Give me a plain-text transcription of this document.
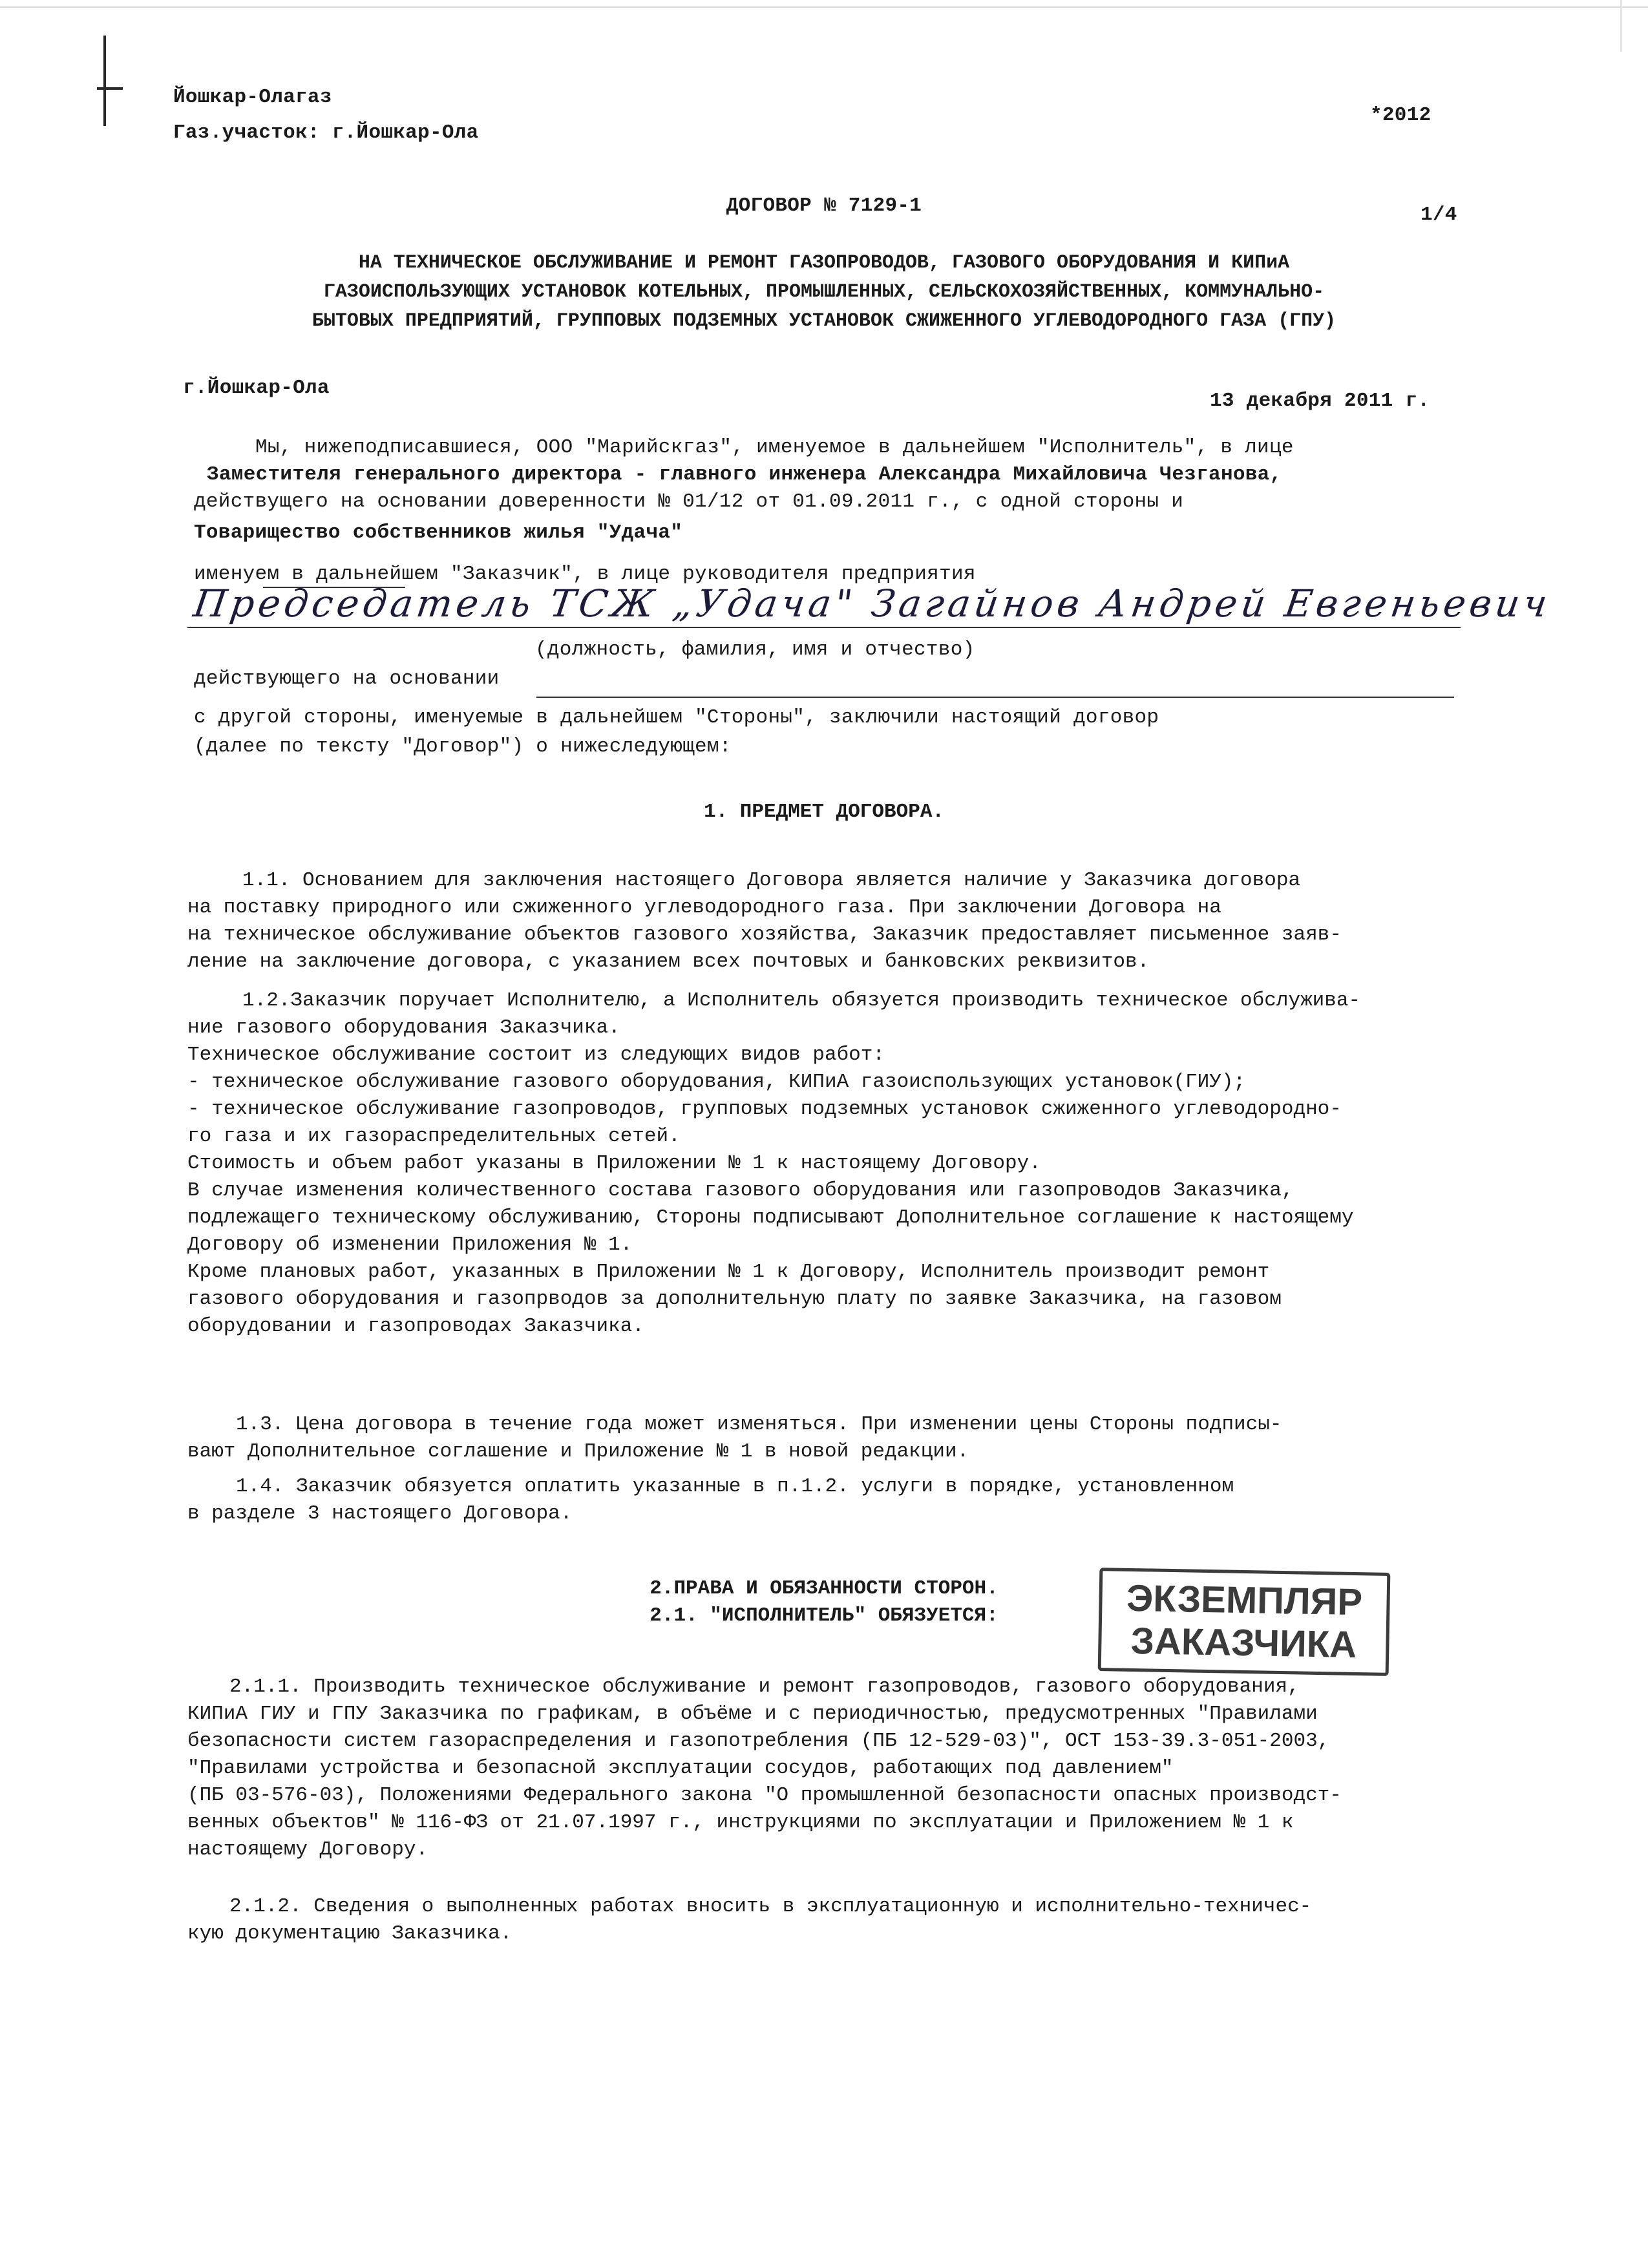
Йошкар-Олагаз
Газ.участок: г.Йошкар-Ола
*2012
ДОГОВОР № 7129-1	1/4
НА ТЕХНИЧЕСКОЕ ОБСЛУЖИВАНИЕ И РЕМОНТ ГАЗОПРОВОДОВ, ГАЗОВОГО ОБОРУДОВАНИЯ И КИПиА
ГАЗОИСПОЛЬЗУЮЩИХ УСТАНОВОК КОТЕЛЬНЫХ, ПРОМЫШЛЕННЫХ, СЕЛЬСКОХОЗЯЙСТВЕННЫХ, КОММУНАЛЬНО-
БЫТОВЫХ ПРЕДПРИЯТИЙ, ГРУППОВЫХ ПОДЗЕМНЫХ УСТАНОВОК СЖИЖЕННОГО УГЛЕВОДОРОДНОГО ГАЗА (ГПУ)
г.Йошкар-Ола
13 декабря 2011 г.
Мы, нижеподписавшиеся, ООО "Марийскгаз", именуемое в дальнейшем "Исполнитель", в лице
Заместителя генерального директора - главного инженера Александра Михайловича Чезганова,
действущего на основании доверенности № 01/12 от 01.09.2011 г., с одной стороны и
Товарищество собственников жилья "Удача"
именуем в дальнейшем "Заказчик", в лице руководителя предприятия
Председатель ТСЖ „Удача" Загайнов Андрей Евгеньевич
(должность, фамилия, имя и отчество)
действующего на основании
с другой стороны, именуемые в дальнейшем "Стороны", заключили настоящий договор
(далее по тексту "Договор") о нижеследующем:
1. ПРЕДМЕТ ДОГОВОРА.
1.1. Основанием для заключения настоящего Договора является наличие у Заказчика договора
на поставку природного или сжиженного углеводородного газа. При заключении Договора на
на техническое обслуживание объектов газового хозяйства, Заказчик предоставляет письменное заяв-
ление на заключение договора, с указанием всех почтовых и банковских реквизитов.
1.2.Заказчик поручает Исполнителю, а Исполнитель обязуется производить техническое обслужива-
ние газового оборудования Заказчика.
Техническое обслуживание состоит из следующих видов работ:
- техническое обслуживание газового оборудования, КИПиА газоиспользующих установок(ГИУ);
- техническое обслуживание газопроводов, групповых подземных установок сжиженного углеводородно-
го газа и их газораспределительных сетей.
Стоимость и объем работ указаны в Приложении № 1 к настоящему Договору.
В случае изменения количественного состава газового оборудования или газопроводов Заказчика,
подлежащего техническому обслуживанию, Стороны подписывают Дополнительное соглашение к настоящему
Договору об изменении Приложения № 1.
Кроме плановых работ, указанных в Приложении № 1 к Договору, Исполнитель производит ремонт
газового оборудования и газопрводов за дополнительную плату по заявке Заказчика, на газовом
оборудовании и газопроводах Заказчика.
1.3. Цена договора в течение года может изменяться. При изменении цены Стороны подписы-
вают Дополнительное соглашение и Приложение № 1 в новой редакции.
1.4. Заказчик обязуется оплатить указанные в п.1.2. услуги в порядке, установленном
в разделе 3 настоящего Договора.
2.ПРАВА И ОБЯЗАННОСТИ СТОРОН.
2.1. "ИСПОЛНИТЕЛЬ" ОБЯЗУЕТСЯ:	ЭКЗЕМПЛЯР
ЗАКАЗЧИКА
2.1.1. Производить техническое обслуживание и ремонт газопроводов, газового оборудования,
КИПиА ГИУ и ГПУ Заказчика по графикам, в объёме и с периодичностью, предусмотренных "Правилами
безопасности систем газораспределения и газопотребления (ПБ 12-529-03)", ОСТ 153-39.3-051-2003,
"Правилами устройства и безопасной эксплуатации сосудов, работающих под давлением"
(ПБ 03-576-03), Положениями Федерального закона "О промышленной безопасности опасных производст-
венных объектов" № 116-ФЗ от 21.07.1997 г., инструкциями по эксплуатации и Приложением № 1 к
настоящему Договору.
2.1.2. Сведения о выполненных работах вносить в эксплуатационную и исполнительно-техничес-
кую документацию Заказчика.
